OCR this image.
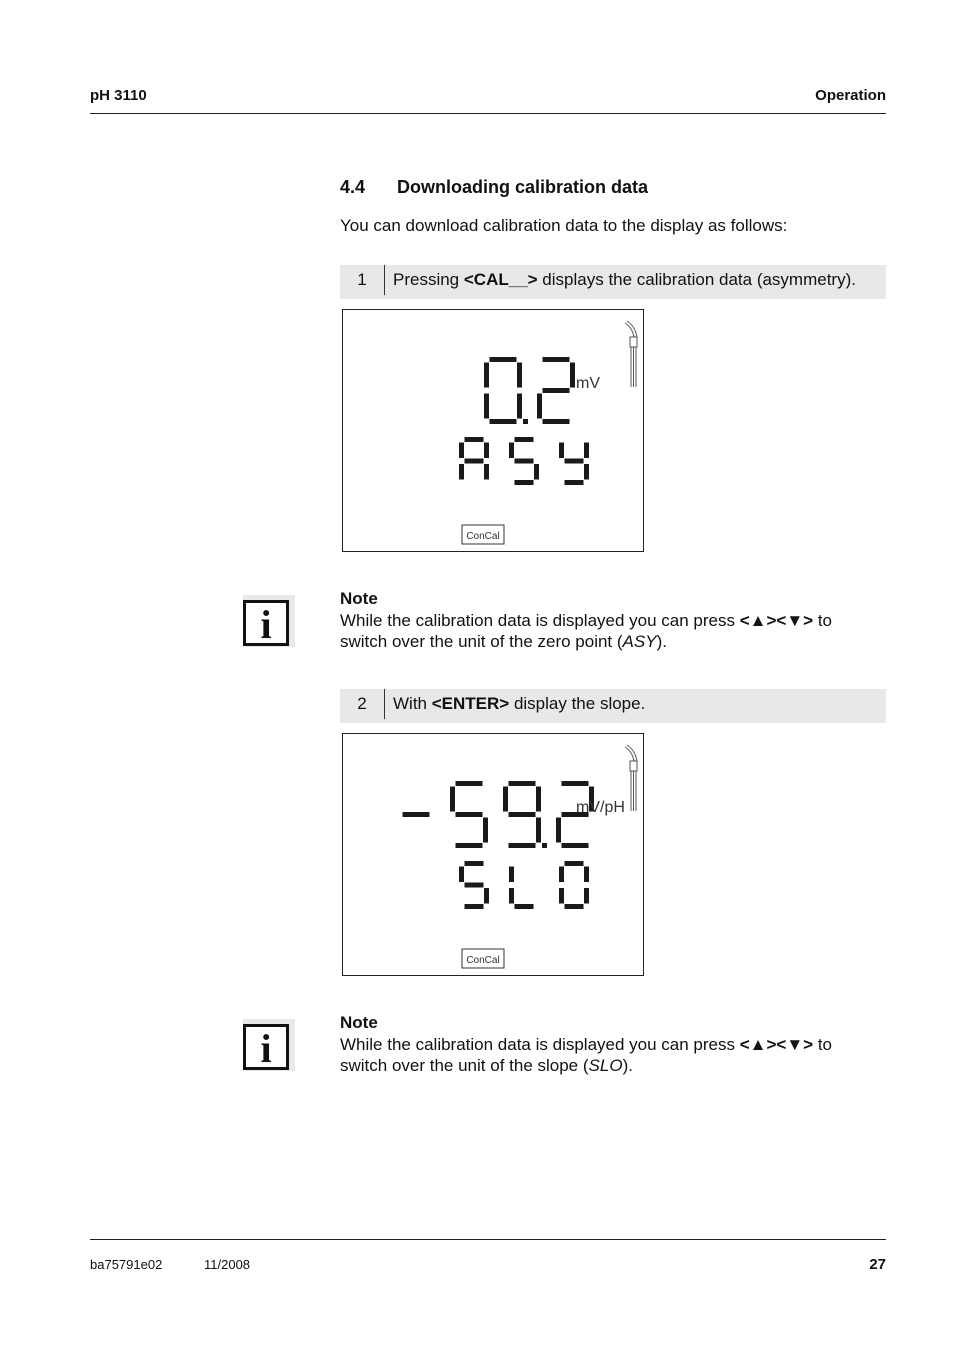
pH 3110	Operation
4.4 Downloading calibration data
You can download calibration data to the display as follows:
1	Pressing <CAL__> displays the calibration data (asymmetry).
mV
ConCal
i
Note
While the calibration data is displayed you can press <▲><▼> to switch over the unit of the zero point (ASY).
2	With <ENTER> display the slope.
mV/pH
ConCal
i
Note
While the calibration data is displayed you can press <▲><▼> to switch over the unit of the slope (SLO).
ba75791e02	11/2008	27
